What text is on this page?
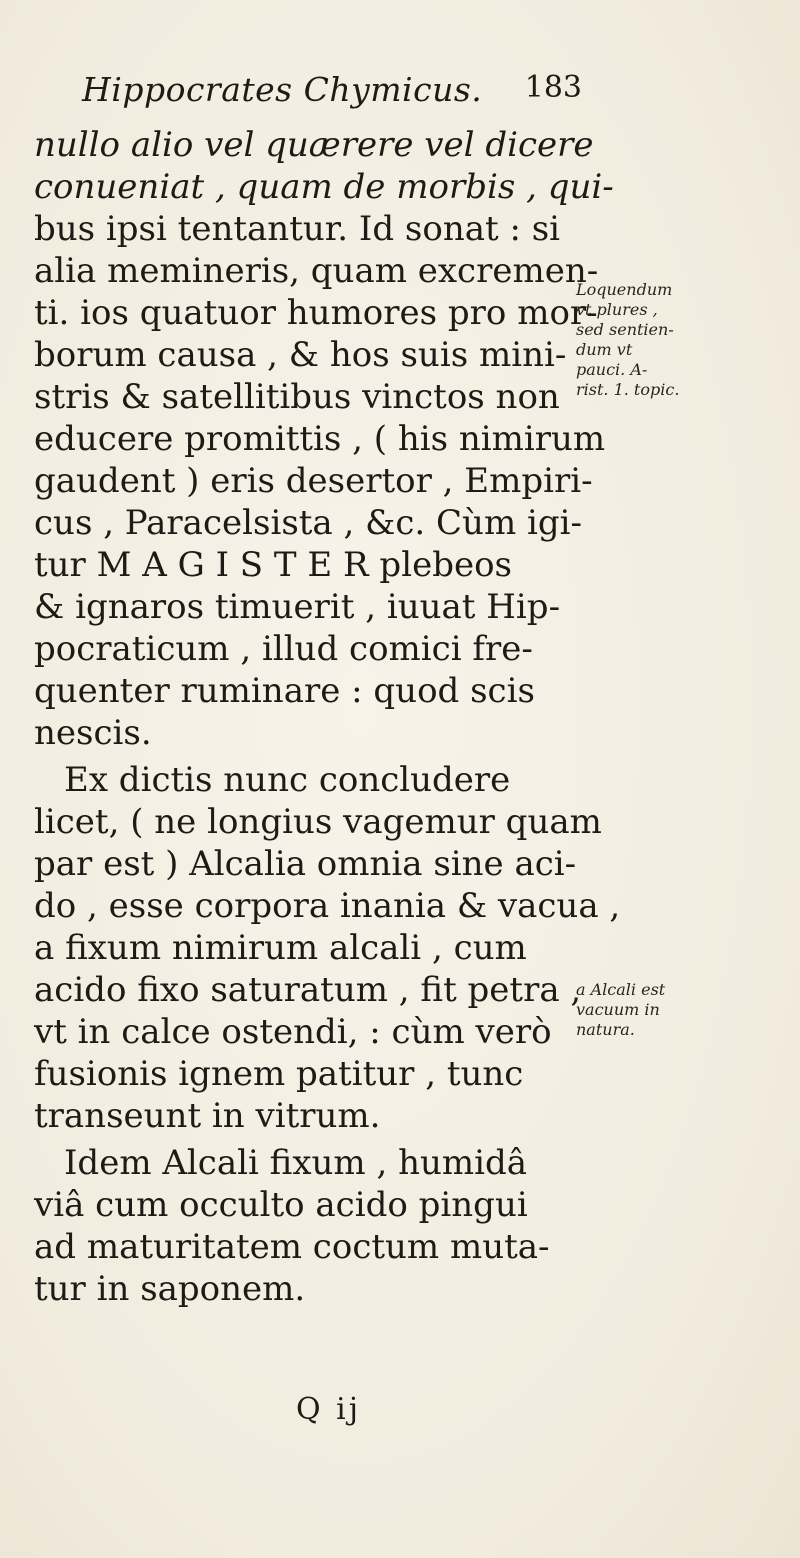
Hippocrates Chymicus. 183
nullo alio vel quærere vel dicere
conueniat , quam de morbis , qui-
bus ipsi tentantur. Id sonat : si
alia memineris, quam excremen-
ti. ios quatuor humores pro mor-
borum causa , & hos suis mini-
stris & satellitibus vinctos non
educere promittis , ( his nimirum
gaudent ) eris desertor , Empiri-
cus , Paracelsista , &c. Cùm igi-
tur M A G I S T E R plebeos
& ignaros timuerit , iuuat Hip-
pocraticum , illud comici fre-
quenter ruminare : quod scis
nescis.
Ex dictis nunc concludere
licet, ( ne longius vagemur quam
par est ) Alcalia omnia sine aci-
do , esse corpora inania & vacua ,
a fixum nimirum alcali , cum
acido fixo saturatum , fit petra ,
vt in calce ostendi, : cùm verò
fusionis ignem patitur , tunc
transeunt in vitrum.
Idem Alcali fixum , humidâ
viâ cum occulto acido pingui
ad maturitatem coctum muta-
tur in saponem.
Loquendum
vt plures ,
sed sentien-
dum vt
pauci. A-
rist. 1. topic.
a Alcali est
vacuum in
natura.
Q ij
